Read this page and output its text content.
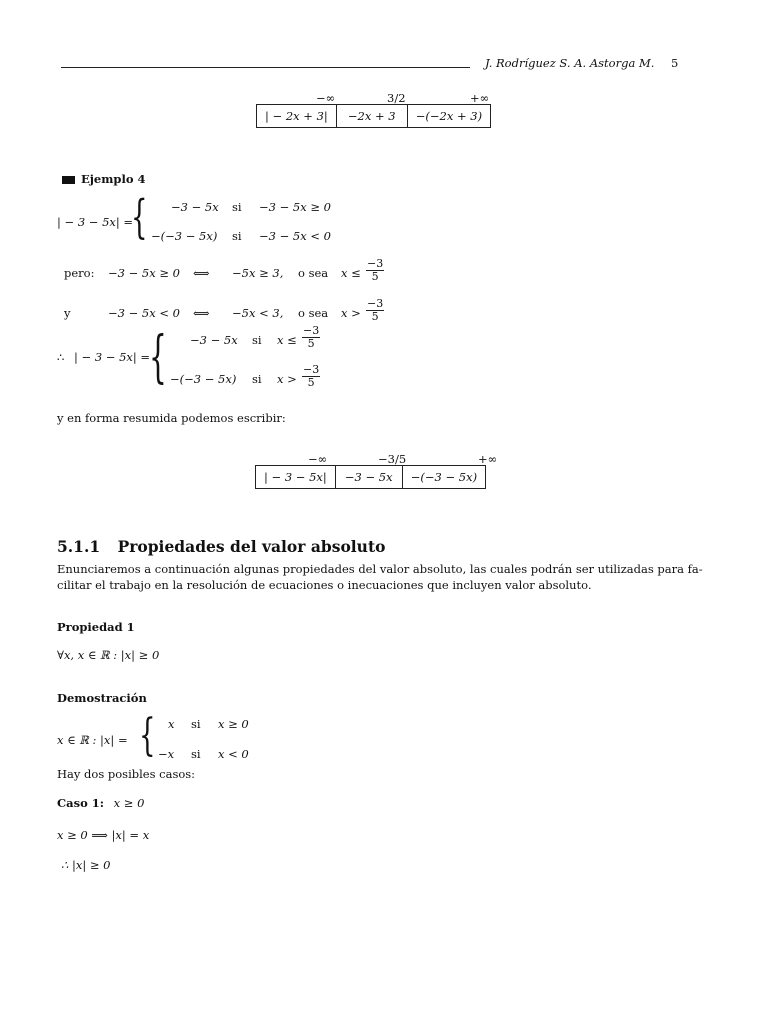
J. Rodríguez S. A. Astorga M. 5
−∞	3/2	+∞
| − 2x + 3|	−2x + 3	−(−2x + 3)
Ejemplo 4
| − 3 − 5x| =
{ −3 − 5x si −3 − 5x ≥ 0
−(−3 − 5x) si −3 − 5x < 0
pero: −3 − 5x ≥ 0 ⟺ −5x ≥ 3, o sea $x \le \frac{-3}{5}$
y	−3 − 5x < 0 ⟺ −5x < 3, o sea $x > \frac{-3}{5}$
∴ | − 3 − 5x| =
{ −3 − 5x si $x \le \frac{-3}{5}$
−(−3 − 5x) si $x > \frac{-3}{5}$
y en forma resumida podemos escribir:
−∞	−3/5	+∞
| − 3 − 5x|	−3 − 5x	−(−3 − 5x)
5.1.1 Propiedades del valor absoluto
Enunciaremos a continuación algunas propiedades del valor absoluto, las cuales podrán ser utilizadas para fa-
cilitar el trabajo en la resolución de ecuaciones o inecuaciones que incluyen valor absoluto.
Propiedad 1
∀x, x ∈ ℝ : |x| ≥ 0
Demostración
x ∈ ℝ : |x| = { x si x ≥ 0
−x si x < 0
Hay dos posibles casos:
Caso 1: x ≥ 0
x ≥ 0 ⟹ |x| = x
∴ |x| ≥ 0
